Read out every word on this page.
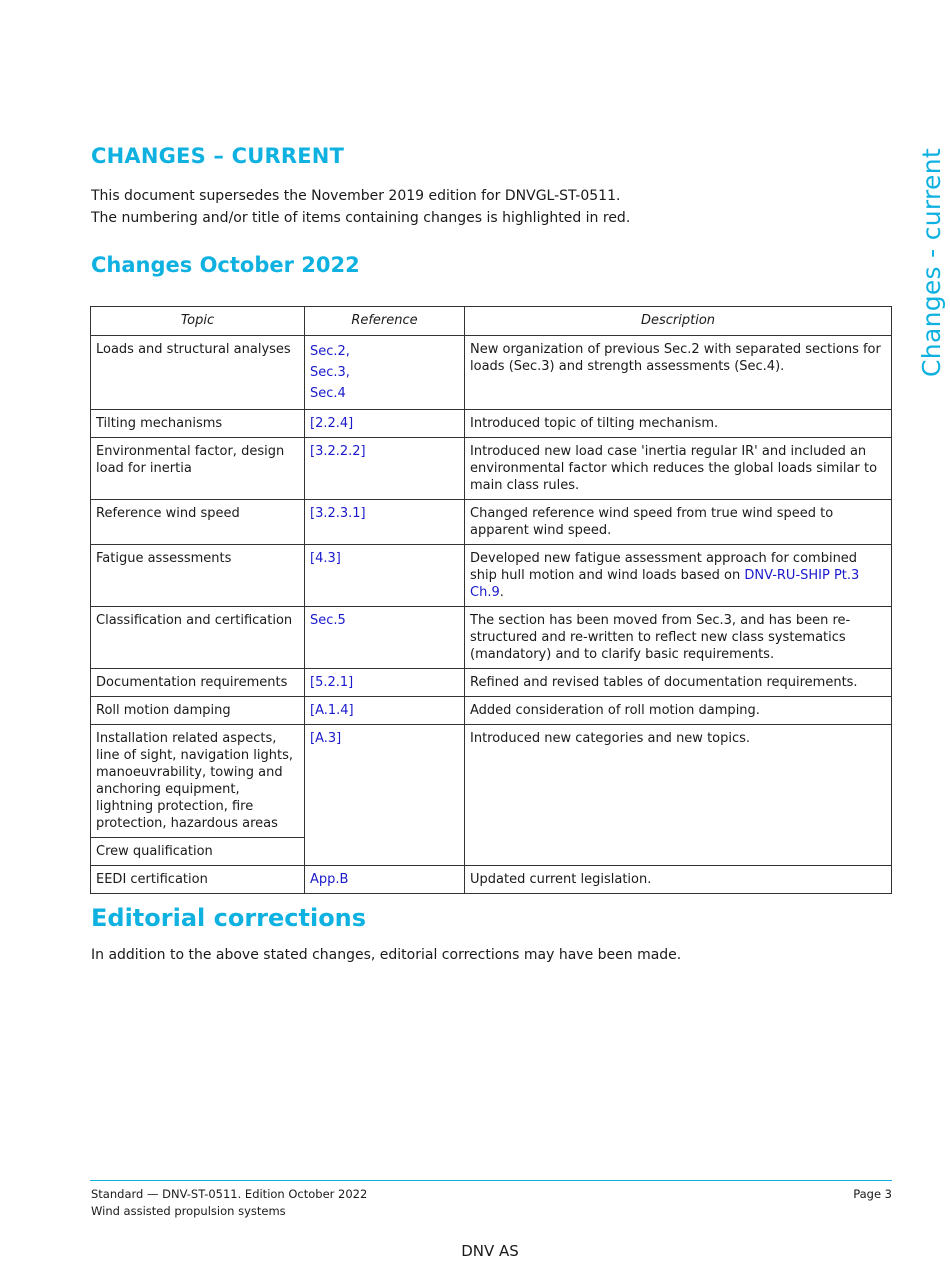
Changes - current
CHANGES – CURRENT

This document supersedes the November 2019 edition for DNVGL-ST-0511.

The numbering and/or title of items containing changes is highlighted in red.

Changes October 2022
Topic	Reference	Description
Loads and structural analyses	Sec.2,
Sec.3,
Sec.4	New organization of previous Sec.2 with separated sections for loads (Sec.3) and strength assessments (Sec.4).
Tilting mechanisms	[2.2.4]	Introduced topic of tilting mechanism.
Environmental factor, design load for inertia	[3.2.2.2]	Introduced new load case 'inertia regular IR' and included an environmental factor which reduces the global loads similar to main class rules.
Reference wind speed	[3.2.3.1]	Changed reference wind speed from true wind speed to apparent wind speed.
Fatigue assessments	[4.3]	Developed new fatigue assessment approach for combined ship hull motion and wind loads based on DNV-RU-SHIP Pt.3 Ch.9.
Classification and certification	Sec.5	The section has been moved from Sec.3, and has been re-structured and re-written to reflect new class systematics (mandatory) and to clarify basic requirements.
Documentation requirements	[5.2.1]	Refined and revised tables of documentation requirements.
Roll motion damping	[A.1.4]	Added consideration of roll motion damping.
Installation related aspects, line of sight, navigation lights, manoeuvrability, towing and anchoring equipment, lightning protection, fire protection, hazardous areas	[A.3]	Introduced new categories and new topics.
Crew qualification		
EEDI certification	App.B	Updated current legislation.
Editorial corrections

In addition to the above stated changes, editorial corrections may have been made.

Standard — DNV-ST-0511. Edition October 2022
Wind assisted propulsion systems
Page 3
DNV AS
